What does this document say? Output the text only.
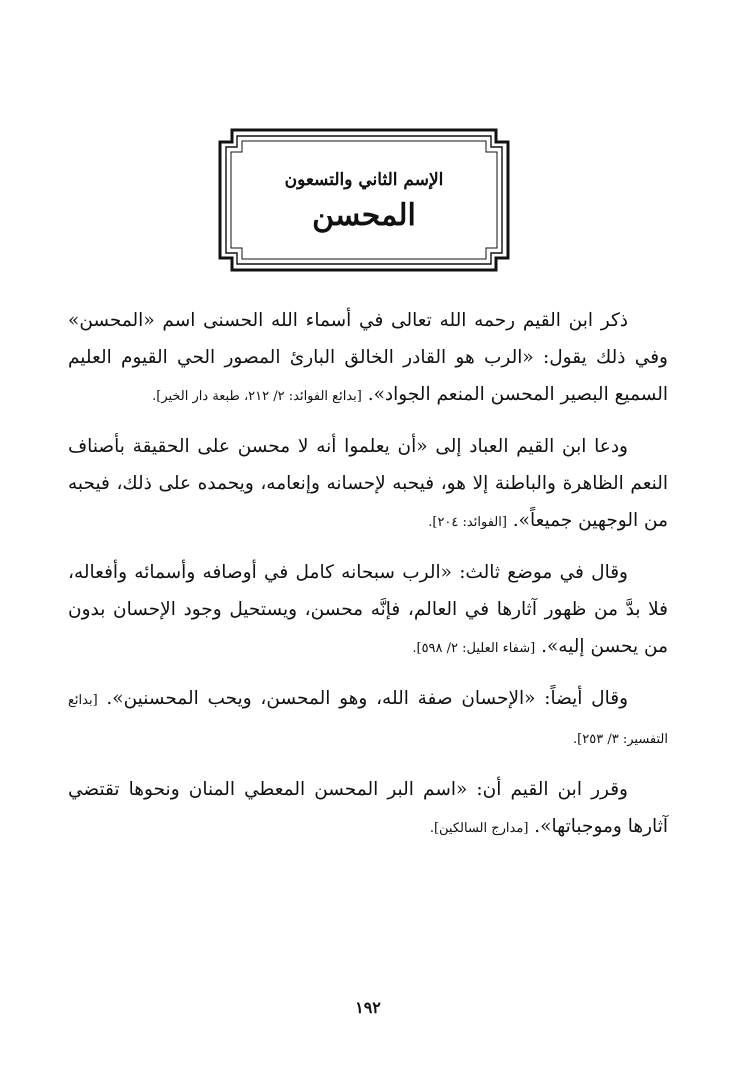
الإسم الثاني والتسعون
المحسن

ذكر ابن القيم رحمه الله تعالى في أسماء الله الحسنى اسم «المحسن» وفي ذلك يقول: «الرب هو القادر الخالق البارئ المصور الحي القيوم العليم السميع البصير المحسن المنعم الجواد». [بدائع الفوائد: ٢/ ٢١٢، طبعة دار الخير].

ودعا ابن القيم العباد إلى «أن يعلموا أنه لا محسن على الحقيقة بأصناف النعم الظاهرة والباطنة إلا هو، فيحبه لإحسانه وإنعامه، ويحمده على ذلك، فيحبه من الوجهين جميعاً». [الفوائد: ٢٠٤].

وقال في موضع ثالث: «الرب سبحانه كامل في أوصافه وأسمائه وأفعاله، فلا بدَّ من ظهور آثارها في العالم، فإنَّه محسن، ويستحيل وجود الإحسان بدون من يحسن إليه». [شفاء العليل: ٢/ ٥٩٨].

وقال أيضاً: «الإحسان صفة الله، وهو المحسن، ويحب المحسنين». [بدائع التفسير: ٣/ ٢٥٣].

وقرر ابن القيم أن: «اسم البر المحسن المعطي المنان ونحوها تقتضي آثارها وموجباتها». [مدارج السالكين].

١٩٢
